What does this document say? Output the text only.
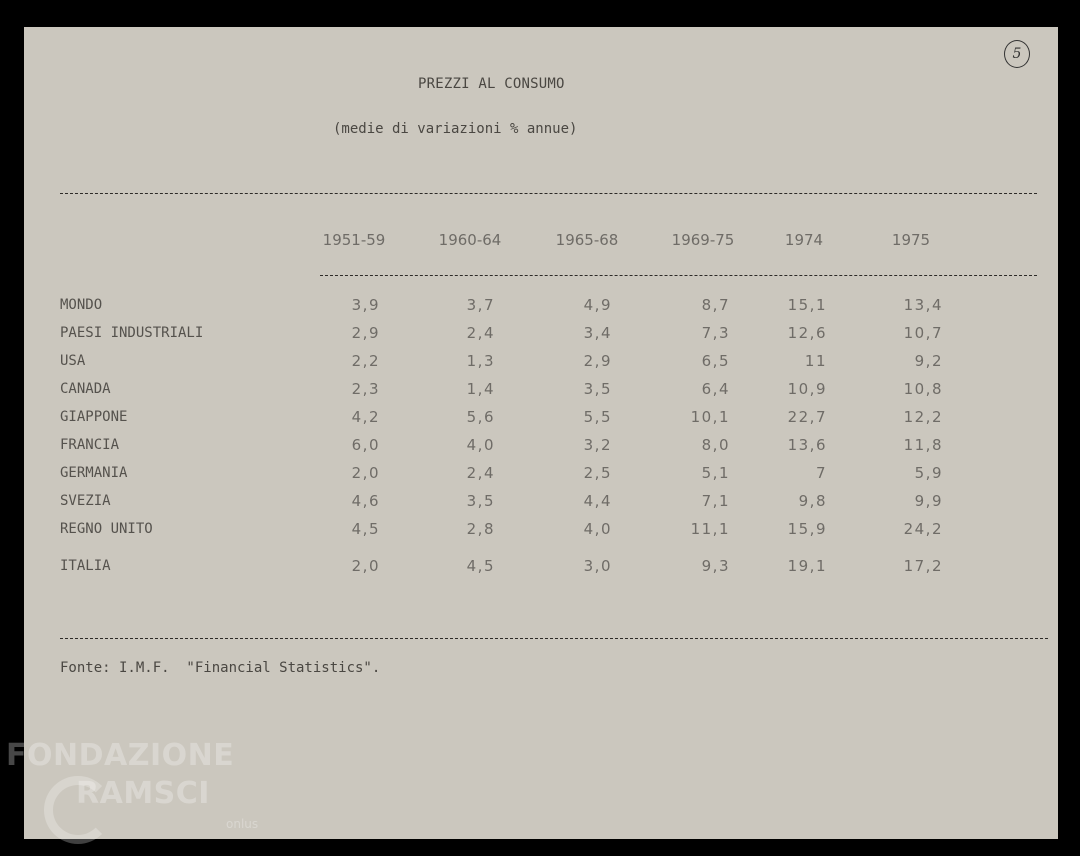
5
PREZZI AL CONSUMO
(medie di variazioni % annue)
1951-59	1960-64	1965-68	1969-75	1974	1975
MONDO	3,9	3,7	4,9	8,7	15,1	13,4
PAESI INDUSTRIALI	2,9	2,4	3,4	7,3	12,6	10,7
USA	2,2	1,3	2,9	6,5	11	9,2
CANADA	2,3	1,4	3,5	6,4	10,9	10,8
GIAPPONE	4,2	5,6	5,5	10,1	22,7	12,2
FRANCIA	6,0	4,0	3,2	8,0	13,6	11,8
GERMANIA	2,0	2,4	2,5	5,1	7	5,9
SVEZIA	4,6	3,5	4,4	7,1	9,8	9,9
REGNO UNITO	4,5	2,8	4,0	11,1	15,9	24,2
ITALIA	2,0	4,5	3,0	9,3	19,1	17,2
Fonte: I.M.F.  "Financial Statistics".
FONDAZIONE
RAMSCI
onlus
